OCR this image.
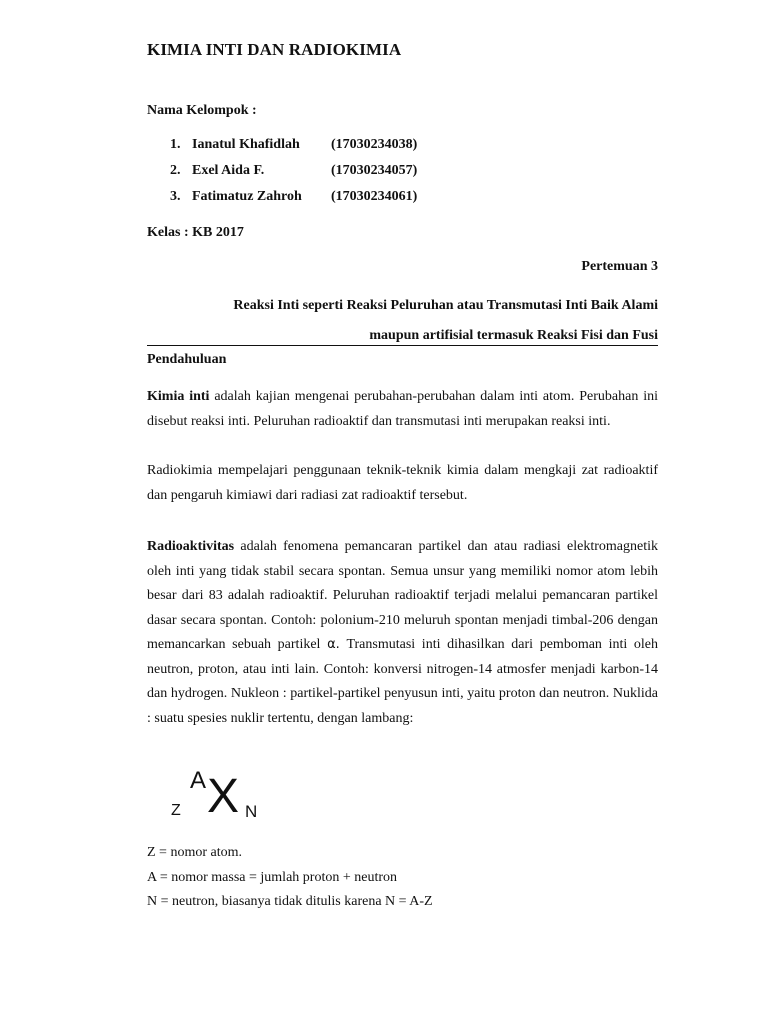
KIMIA INTI DAN RADIOKIMIA
Nama Kelompok :
1. Ianatul Khafidlah (17030234038)
2. Exel Aida F.	(17030234057)
3. Fatimatuz Zahroh (17030234061)
Kelas : KB 2017
Pertemuan 3
Reaksi Inti seperti Reaksi Peluruhan atau Transmutasi Inti Baik Alami
maupun artifisial termasuk Reaksi Fisi dan Fusi
Pendahuluan

Kimia inti adalah kajian mengenai perubahan-perubahan dalam inti atom. Perubahan ini disebut reaksi inti. Peluruhan radioaktif dan transmutasi inti merupakan reaksi inti.

Radiokimia mempelajari penggunaan teknik-teknik kimia dalam mengkaji zat radioaktif dan pengaruh kimiawi dari radiasi zat radioaktif tersebut.

Radioaktivitas adalah fenomena pemancaran partikel dan atau radiasi elektromagnetik oleh inti yang tidak stabil secara spontan. Semua unsur yang memiliki nomor atom lebih besar dari 83 adalah radioaktif. Peluruhan radioaktif terjadi melalui pemancaran partikel dasar secara spontan. Contoh: polonium-210 meluruh spontan menjadi timbal-206 dengan memancarkan sebuah partikel α. Transmutasi inti dihasilkan dari pemboman inti oleh neutron, proton, atau inti lain. Contoh: konversi nitrogen-14 atmosfer menjadi karbon-14 dan hydrogen. Nukleon : partikel-partikel penyusun inti, yaitu proton dan neutron. Nuklida : suatu spesies nuklir tertentu, dengan lambang:

Z
A X N
Z = nomor atom.
A = nomor massa = jumlah proton + neutron
N = neutron, biasanya tidak ditulis karena N = A-Z
